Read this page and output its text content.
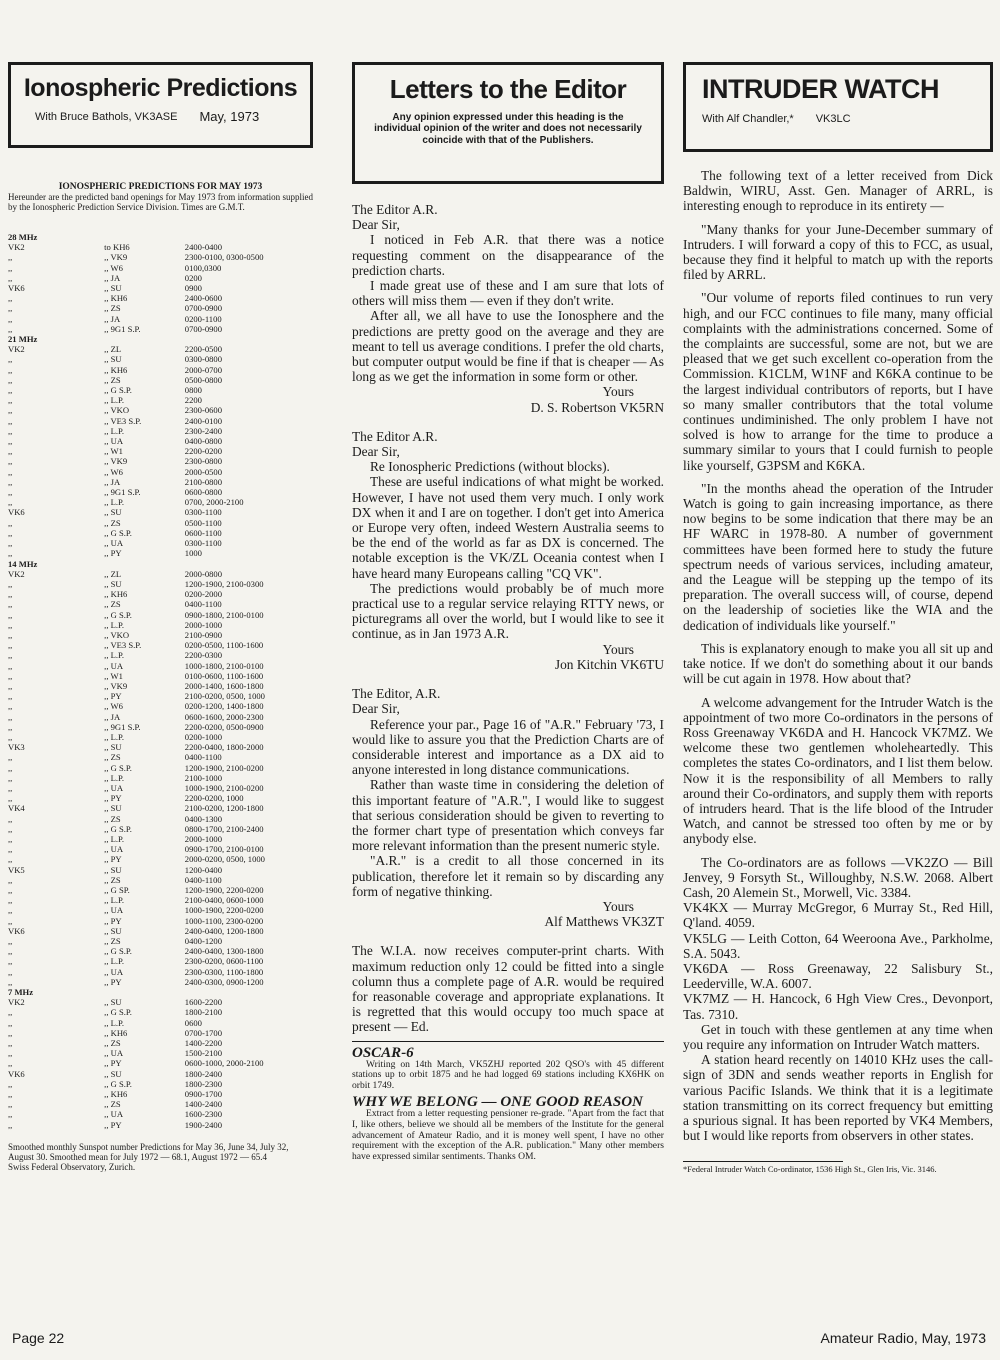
Ionospheric Predictions
With Bruce Bathols, VK3ASE May, 1973
IONOSPHERIC PREDICTIONS FOR MAY 1973
Hereunder are the predicted band openings for May 1973 from information supplied by the Ionospheric Prediction Service Division. Times are G.M.T.
28 MHz
VK2	to KH6	2400-0400
,,	,, VK9	2300-0100, 0300-0500
,,	,, W6	0100,0300
,,	,, JA	0200
VK6	,, SU	0900
,,	,, KH6	2400-0600
,,	,, ZS	0700-0900
,,	,, JA	0200-1100
,,	,, 9G1 S.P.	0700-0900
21 MHz
VK2	,, ZL	2200-0500
,,	,, SU	0300-0800
,,	,, KH6	2000-0700
,,	,, ZS	0500-0800
,,	,, G S.P.	0800
,,	,, L.P.	2200
,,	,, VKO	2300-0600
,,	,, VE3 S.P.	2400-0100
,,	,, L.P.	2300-2400
,,	,, UA	0400-0800
,,	,, W1	2200-0200
,,	,, VK9	2300-0800
,,	,, W6	2000-0500
,,	,, JA	2100-0800
,,	,, 9G1 S.P.	0600-0800
,,	,, L.P.	0700, 2000-2100
VK6	,, SU	0300-1100
,,	,, ZS	0500-1100
,,	,, G S.P.	0600-1100
,,	,, UA	0300-1100
,,	,, PY	1000
14 MHz
VK2	,, ZL	2000-0800
,,	,, SU	1200-1900, 2100-0300
,,	,, KH6	0200-2000
,,	,, ZS	0400-1100
,,	,, G S.P.	0900-1800, 2100-0100
,,	,, L.P.	2000-1000
,,	,, VKO	2100-0900
,,	,, VE3 S.P.	0200-0500, 1100-1600
,,	,, L.P.	2200-0300
,,	,, UA	1000-1800, 2100-0100
,,	,, W1	0100-0600, 1100-1600
,,	,, VK9	2000-1400, 1600-1800
,,	,, PY	2100-0200, 0500, 1000
,,	,, W6	0200-1200, 1400-1800
,,	,, JA	0600-1600, 2000-2300
,,	,, 9G1 S.P.	2200-0200, 0500-0900
,,	,, L.P.	0200-1000
VK3	,, SU	2200-0400, 1800-2000
,,	,, ZS	0400-1100
,,	,, G S.P.	1200-1900, 2100-0200
,,	,, L.P.	2100-1000
,,	,, UA	1000-1900, 2100-0200
,,	,, PY	2200-0200, 1000
VK4	,, SU	2100-0200, 1200-1800
,,	,, ZS	0400-1300
,,	,, G S.P.	0800-1700, 2100-2400
,,	,, L.P.	2000-1000
,,	,, UA	0900-1700, 2100-0100
,,	,, PY	2000-0200, 0500, 1000
VK5	,, SU	1200-0400
,,	,, ZS	0400-1100
,,	,, G SP.	1200-1900, 2200-0200
,,	,, L.P.	2100-0400, 0600-1000
,,	,, UA	1000-1900, 2200-0200
,,	,, PY	1000-1100, 2300-0200
VK6	,, SU	2400-0400, 1200-1800
,,	,, ZS	0400-1200
,,	,, G S.P.	2400-0400, 1300-1800
,,	,, L.P.	2300-0200, 0600-1100
,,	,, UA	2300-0300, 1100-1800
,,	,, PY	2400-0300, 0900-1200
7 MHz
VK2	,, SU	1600-2200
,,	,, G S.P.	1800-2100
,,	,, L.P.	0600
,,	,, KH6	0700-1700
,,	,, ZS	1400-2200
,,	,, UA	1500-2100
,,	,, PY	0600-1000, 2000-2100
VK6	,, SU	1800-2400
,,	,, G S.P.	1800-2300
,,	,, KH6	0900-1700
,,	,, ZS	1400-2400
,,	,, UA	1600-2300
,,	,, PY	1900-2400
Smoothed monthly Sunspot number Predictions for May 36, June 34, July 32, August 30. Smoothed mean for July 1972 — 68.1, August 1972 — 65.4
Swiss Federal Observatory, Zurich.
Letters to the Editor
Any opinion expressed under this heading is the individual opinion of the writer and does not necessarily coincide with that of the Publishers.

The Editor A.R.

Dear Sir,

I noticed in Feb A.R. that there was a notice requesting comment on the disappearance of the prediction charts.

I made great use of these and I am sure that lots of others will miss them — even if they don't write.

After all, we all have to use the Ionosphere and the predictions are pretty good on the average and they are meant to tell us average conditions. I prefer the old charts, but computer output would be fine if that is cheaper — As long as we get the information in some form or other.

Yours

D. S. Robertson VK5RN

The Editor A.R.

Dear Sir,

Re Ionospheric Predictions (without blocks).

These are useful indications of what might be worked. However, I have not used them very much. I only work DX when it and I are on together. I don't get into America or Europe very often, indeed Western Australia seems to be the end of the world as far as DX is concerned. The notable exception is the VK/ZL Oceania contest when I have heard many Europeans calling "CQ VK".

The predictions would probably be of much more practical use to a regular service relaying RTTY news, or picturegrams all over the world, but I would like to see it continue, as in Jan 1973 A.R.

Yours

Jon Kitchin VK6TU

The Editor, A.R.

Dear Sir,

Reference your par., Page 16 of "A.R." February '73, I would like to assure you that the Prediction Charts are of considerable interest and importance as a DX aid to anyone interested in long distance communications.

Rather than waste time in considering the deletion of this important feature of "A.R.", I would like to suggest that serious consideration should be given to reverting to the former chart type of presentation which conveys far more relevant information than the present numeric style.

"A.R." is a credit to all those concerned in its publication, therefore let it remain so by discarding any form of negative thinking.

Yours

Alf Matthews VK3ZT

The W.I.A. now receives computer-print charts. With maximum reduction only 12 could be fitted into a single column thus a complete page of A.R. would be required for reasonable coverage and appropriate explanations. It is regretted that this would occupy too much space at present — Ed.

OSCAR-6
Writing on 14th March, VK5ZHJ reported 202 QSO's with 45 different stations up to orbit 1875 and he had logged 69 stations including KX6HK on orbit 1749.
WHY WE BELONG — ONE GOOD REASON
Extract from a letter requesting pensioner re-grade. "Apart from the fact that I, like others, believe we should all be members of the Institute for the general advancement of Amateur Radio, and it is money well spent, I have no other requirement with the exception of the A.R. publication." Many other members have expressed similar sentiments. Thanks OM.
INTRUDER WATCH
With Alf Chandler,* VK3LC

The following text of a letter received from Dick Baldwin, WIRU, Asst. Gen. Manager of ARRL, is interesting enough to reproduce in its entirety —

"Many thanks for your June-December summary of Intruders. I will forward a copy of this to FCC, as usual, because they find it helpful to match up with the reports filed by ARRL.

"Our volume of reports filed continues to run very high, and our FCC continues to file many, many official complaints with the administrations concerned. Some of the complaints are successful, some are not, but we are pleased that we get such excellent co-operation from the Commission. K1CLM, W1NF and K6KA continue to be the largest individual contributors of reports, but I have so many smaller contributors that the total volume continues undiminished. The only problem I have not solved is how to arrange for the time to produce a summary similar to yours that I could furnish to people like yourself, G3PSM and K6KA.

"In the months ahead the operation of the Intruder Watch is going to gain increasing importance, as there now begins to be some indication that there may be an HF WARC in 1978-80. A number of government committees have been formed here to study the future spectrum needs of various services, including amateur, and the League will be stepping up the tempo of its preparation. The overall success will, of course, depend on the leadership of societies like the WIA and the dedication of individuals like yourself."

This is explanatory enough to make you all sit up and take notice. If we don't do something about it our bands will be cut again in 1978. How about that?

A welcome advangement for the Intruder Watch is the appointment of two more Co-ordinators in the persons of Ross Greenaway VK6DA and H. Hancock VK7MZ. We welcome these two gentlemen wholeheartedly. This completes the states Co-ordinators, and I list them below. Now it is the responsibility of all Members to rally around their Co-ordinators, and supply them with reports of intruders heard. That is the life blood of the Intruder Watch, and cannot be stressed too often by me or by anybody else.

The Co-ordinators are as follows —VK2ZO — Bill Jenvey, 9 Forsyth St., Willoughby, N.S.W. 2068. Albert Cash, 20 Alemein St., Morwell, Vic. 3384.

VK4KX — Murray McGregor, 6 Murray St., Red Hill, Q'land. 4059.

VK5LG — Leith Cotton, 64 Weeroona Ave., Parkholme, S.A. 5043.

VK6DA — Ross Greenaway, 22 Salisbury St., Leederville, W.A. 6007.

VK7MZ — H. Hancock, 6 Hgh View Cres., Devonport, Tas. 7310.

Get in touch with these gentlemen at any time when you require any information on Intruder Watch matters.

A station heard recently on 14010 KHz uses the call-sign of 3DN and sends weather reports in English for various Pacific Islands. We think that it is a legitimate station transmitting on its correct frequency but emitting a spurious signal. It has been reported by VK4 Members, but I would like reports from observers in other states.

*Federal Intruder Watch Co-ordinator, 1536 High St., Glen Iris, Vic. 3146.
Page 22	Amateur Radio, May, 1973
